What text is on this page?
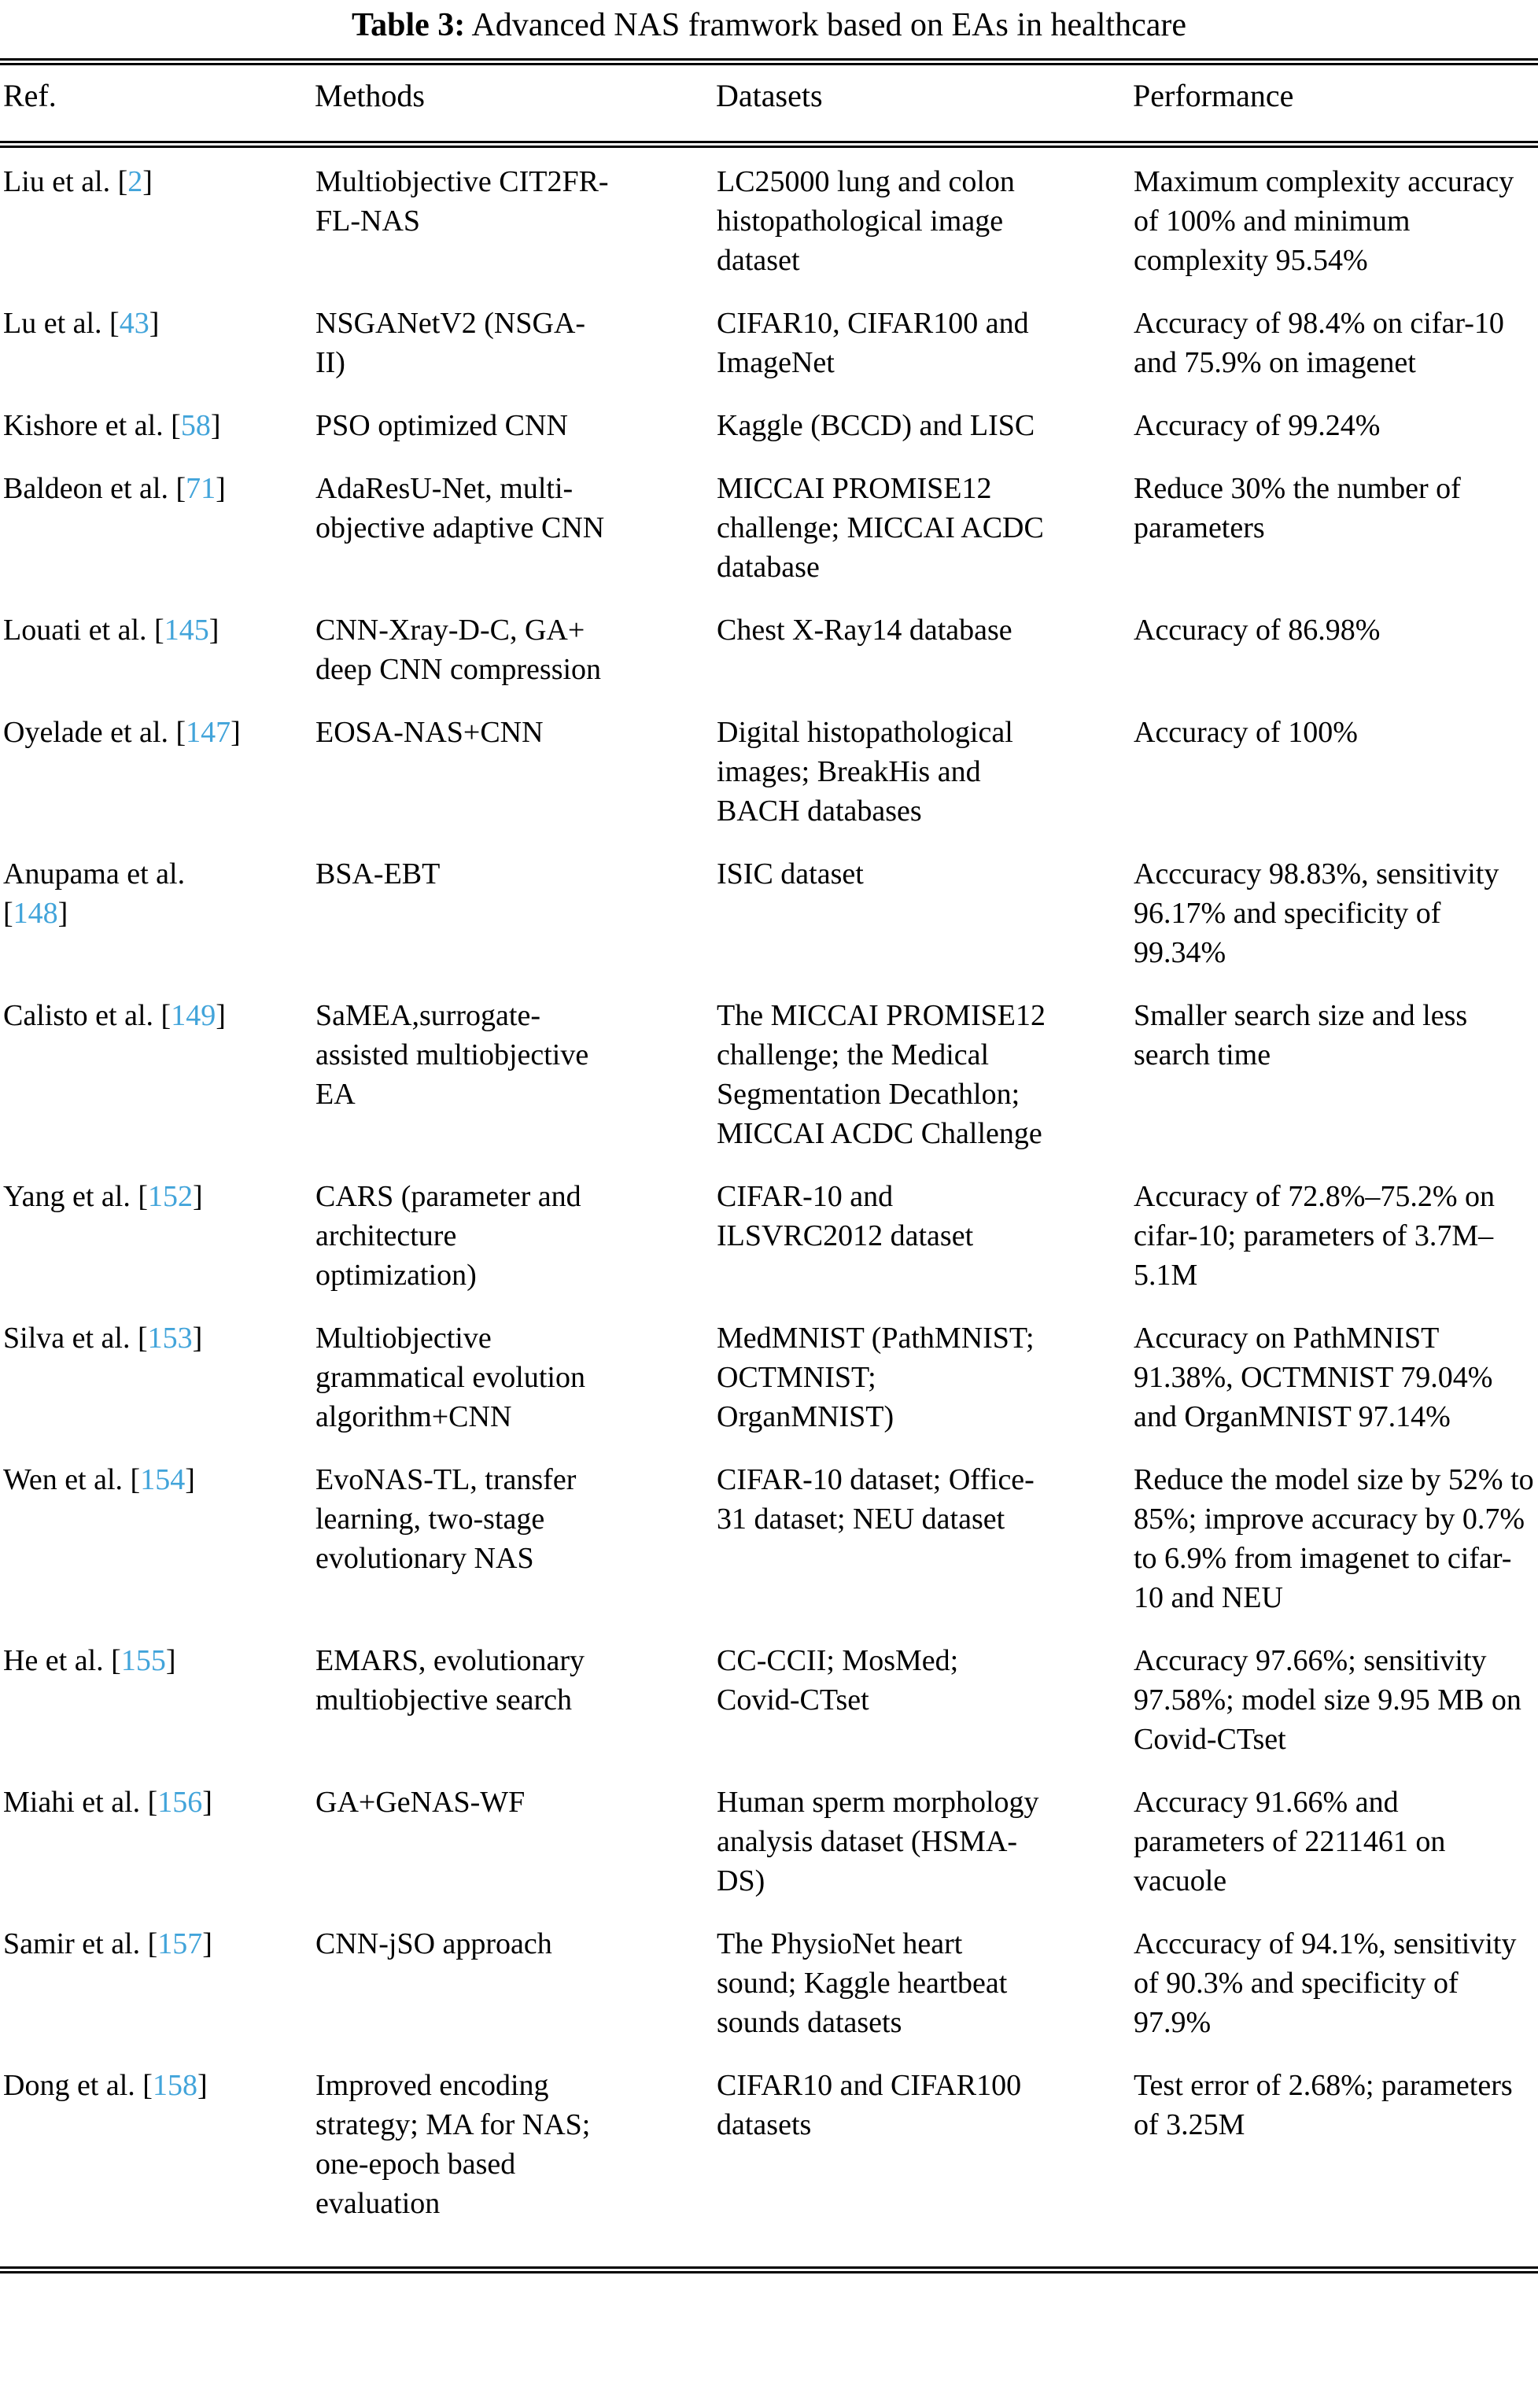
Table 3: Advanced NAS framwork based on EAs in healthcare
Ref.	Methods	Datasets	Performance
Liu et al. [2]	Multiobjective CIT2FR-FL-NAS	LC25000 lung and colon histopathological image dataset	Maximum complexity accuracy of 100% and minimum complexity 95.54%
Lu et al. [43]	NSGANetV2 (NSGA-II)	CIFAR10, CIFAR100 and ImageNet	Accuracy of 98.4% on cifar-10 and 75.9% on imagenet
Kishore et al. [58]	PSO optimized CNN	Kaggle (BCCD) and LISC	Accuracy of 99.24%
Baldeon et al. [71]	AdaResU-Net, multi-objective adaptive CNN	MICCAI PROMISE12 challenge; MICCAI ACDC database	Reduce 30% the number of parameters
Louati et al. [145]	CNN-Xray-D-C, GA+ deep CNN compression	Chest X-Ray14 database	Accuracy of 86.98%
Oyelade et al. [147]	EOSA-NAS+CNN	Digital histopathological images; BreakHis and BACH databases	Accuracy of 100%
Anupama et al. [148]	BSA-EBT	ISIC dataset	Acccuracy 98.83%, sensitivity 96.17% and specificity of 99.34%
Calisto et al. [149]	SaMEA,surrogate-assisted multiobjective EA	The MICCAI PROMISE12 challenge; the Medical Segmentation Decathlon; MICCAI ACDC Challenge	Smaller search size and less search time
Yang et al. [152]	CARS (parameter and architecture optimization)	CIFAR-10 and ILSVRC2012 dataset	Accuracy of 72.8%–75.2% on cifar-10; parameters of 3.7M–5.1M
Silva et al. [153]	Multiobjective grammatical evolution algorithm+CNN	MedMNIST (PathMNIST; OCTMNIST; OrganMNIST)	Accuracy on PathMNIST 91.38%, OCTMNIST 79.04% and OrganMNIST 97.14%
Wen et al. [154]	EvoNAS-TL, transfer learning, two-stage evolutionary NAS	CIFAR-10 dataset; Office-31 dataset; NEU dataset	Reduce the model size by 52% to 85%; improve accuracy by 0.7% to 6.9% from imagenet to cifar-10 and NEU
He et al. [155]	EMARS, evolutionary multiobjective search	CC-CCII; MosMed; Covid-CTset	Accuracy 97.66%; sensitivity 97.58%; model size 9.95 MB on Covid-CTset
Miahi et al. [156]	GA+GeNAS-WF	Human sperm morphology analysis dataset (HSMA-DS)	Accuracy 91.66% and parameters of 2211461 on vacuole
Samir et al. [157]	CNN-jSO approach	The PhysioNet heart sound; Kaggle heartbeat sounds datasets	Acccuracy of 94.1%, sensitivity of 90.3% and specificity of 97.9%
Dong et al. [158]	Improved encoding strategy; MA for NAS; one-epoch based evaluation	CIFAR10 and CIFAR100 datasets	Test error of 2.68%; parameters of 3.25M
